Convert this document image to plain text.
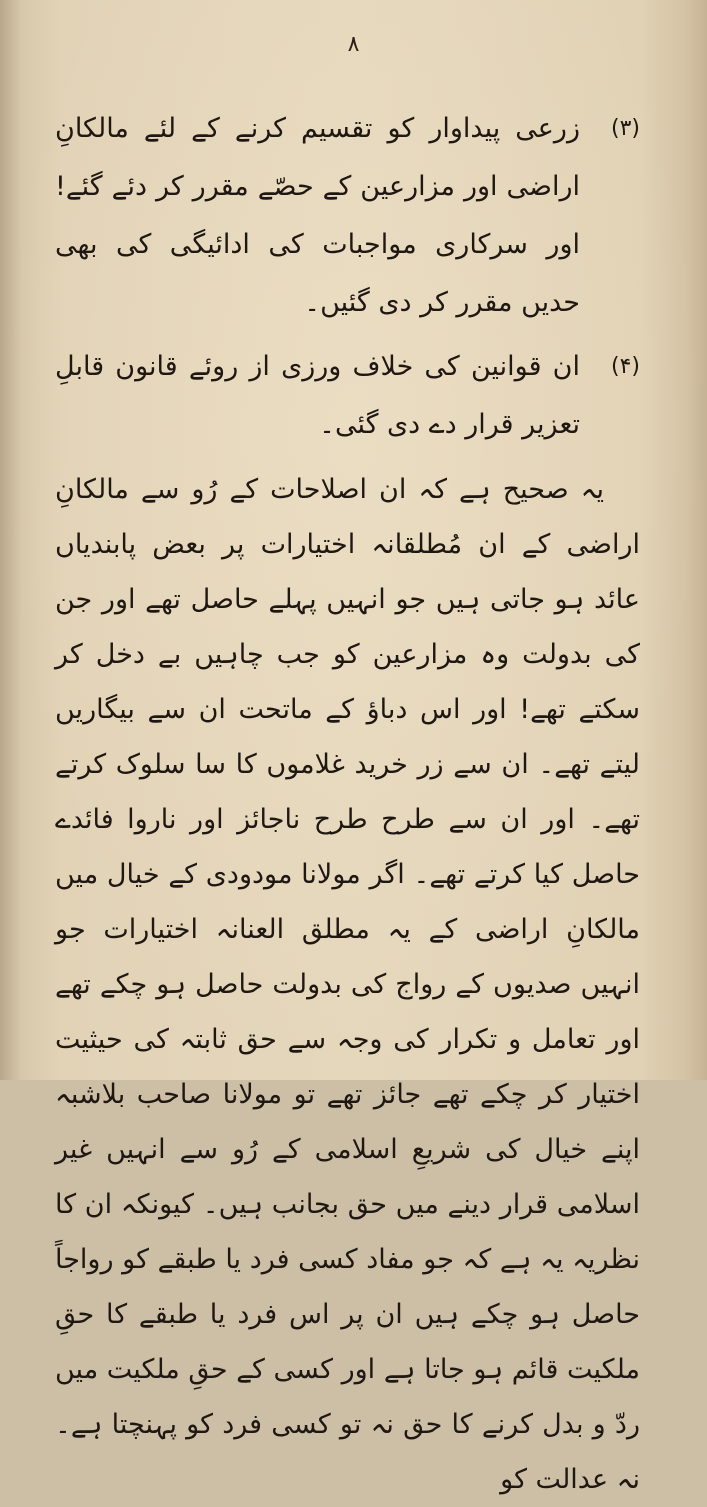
۸
(۳)
زرعی پیداوار کو تقسیم کرنے کے لئے مالکانِ اراضی اور مزارعین کے حصّے مقرر کر دئے گئے! اور سرکاری مواجبات کی ادائیگی کی بھی حدیں مقرر کر دی گئیں۔
(۴)
ان قوانین کی خلاف ورزی از روئے قانون قابلِ تعزیر قرار دے دی گئی۔
یہ صحیح ہے کہ ان اصلاحات کے رُو سے مالکانِ اراضی کے ان مُطلقانہ اختیارات پر بعض پابندیاں عائد ہو جاتی ہیں جو انہیں پہلے حاصل تھے اور جن کی بدولت وہ مزارعین کو جب چاہیں بے دخل کر سکتے تھے! اور اس دباؤ کے ماتحت ان سے بیگاریں لیتے تھے۔ ان سے زر خرید غلاموں کا سا سلوک کرتے تھے۔ اور ان سے طرح طرح ناجائز اور ناروا فائدے حاصل کیا کرتے تھے۔ اگر مولانا مودودی کے خیال میں مالکانِ اراضی کے یہ مطلق العنانہ اختیارات جو انہیں صدیوں کے رواج کی بدولت حاصل ہو چکے تھے اور تعامل و تکرار کی وجہ سے حق ثابتہ کی حیثیت اختیار کر چکے تھے جائز تھے تو مولانا صاحب بلاشبہ اپنے خیال کی شریعِ اسلامی کے رُو سے انہیں غیر اسلامی قرار دینے میں حق بجانب ہیں۔ کیونکہ ان کا نظریہ یہ ہے کہ جو مفاد کسی فرد یا طبقے کو رواجاً حاصل ہو چکے ہیں ان پر اس فرد یا طبقے کا حقِ ملکیت قائم ہو جاتا ہے اور کسی کے حقِ ملکیت میں ردّ و بدل کرنے کا حق نہ تو کسی فرد کو پہنچتا ہے۔ نہ عدالت کو
